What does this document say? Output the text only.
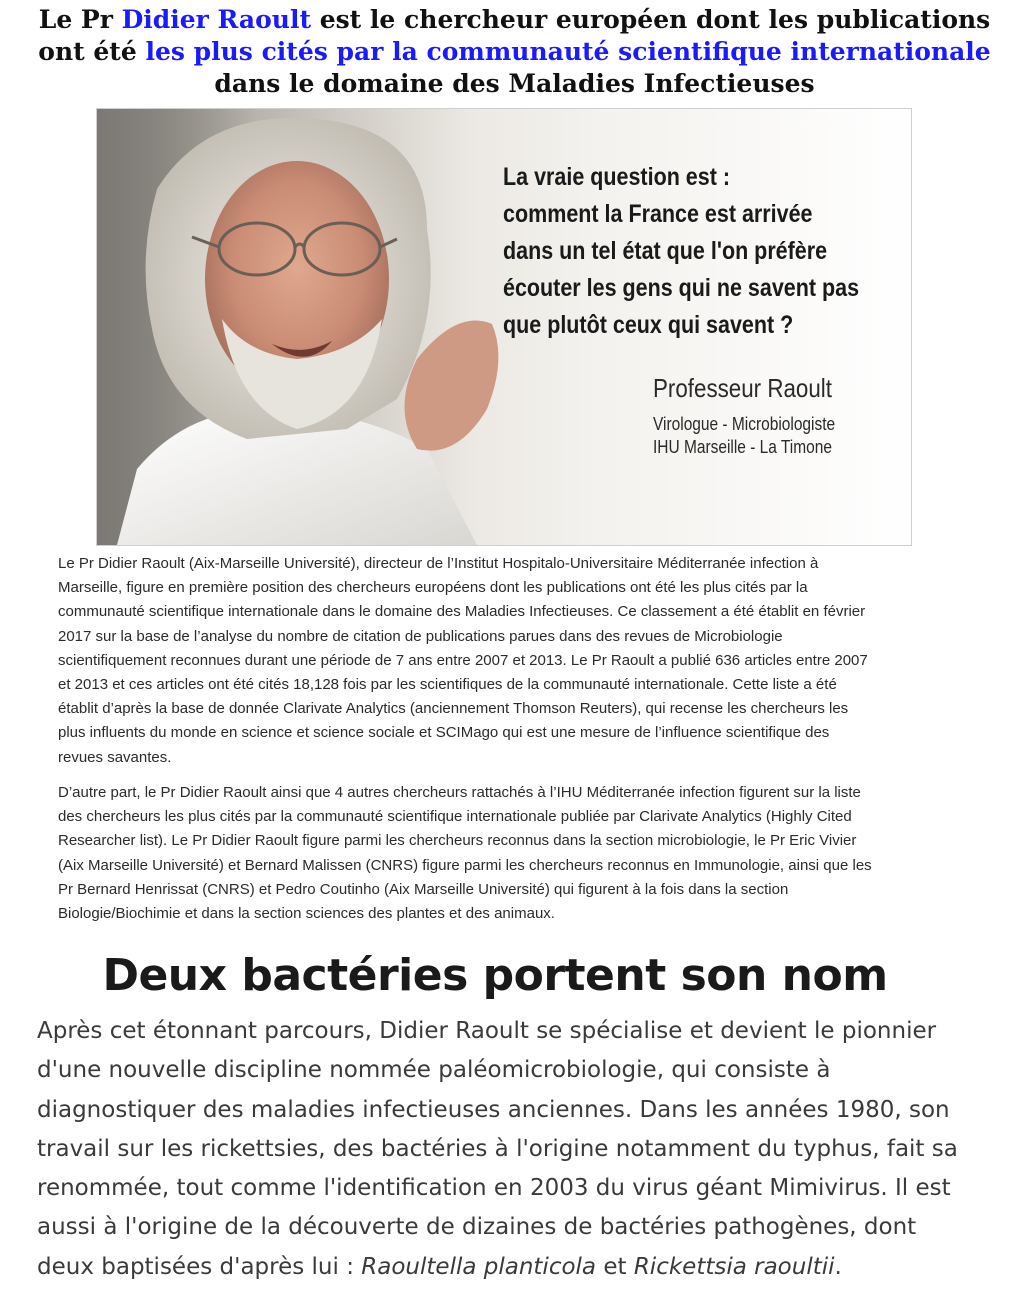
Le Pr Didier Raoult est le chercheur européen dont les publications
ont été les plus cités par la communauté scientifique internationale
dans le domaine des Maladies Infectieuses
La vraie question est :
comment la France est arrivée
dans un tel état que l'on préfère
écouter les gens qui ne savent pas
que plutôt ceux qui savent ?
Professeur Raoult
Virologue - Microbiologiste
IHU Marseille - La Timone
Le Pr Didier Raoult (Aix-Marseille Université), directeur de l’Institut Hospitalo-Universitaire Méditerranée infection à
Marseille, figure en première position des chercheurs européens dont les publications ont été les plus cités par la
communauté scientifique internationale dans le domaine des Maladies Infectieuses. Ce classement a été établit en février
2017 sur la base de l’analyse du nombre de citation de publications parues dans des revues de Microbiologie
scientifiquement reconnues durant une période de 7 ans entre 2007 et 2013. Le Pr Raoult a publié 636 articles entre 2007
et 2013 et ces articles ont été cités 18,128 fois par les scientifiques de la communauté internationale. Cette liste a été
établit d’après la base de donnée Clarivate Analytics (anciennement Thomson Reuters), qui recense les chercheurs les
plus influents du monde en science et science sociale et SCIMago qui est une mesure de l’influence scientifique des
revues savantes.
D’autre part, le Pr Didier Raoult ainsi que 4 autres chercheurs rattachés à l’IHU Méditerranée infection figurent sur la liste
des chercheurs les plus cités par la communauté scientifique internationale publiée par Clarivate Analytics (Highly Cited
Researcher list). Le Pr Didier Raoult figure parmi les chercheurs reconnus dans la section microbiologie, le Pr Eric Vivier
(Aix Marseille Université) et Bernard Malissen (CNRS) figure parmi les chercheurs reconnus en Immunologie, ainsi que les
Pr Bernard Henrissat (CNRS) et Pedro Coutinho (Aix Marseille Université) qui figurent à la fois dans la section
Biologie/Biochimie et dans la section sciences des plantes et des animaux.
Deux bactéries portent son nom
Après cet étonnant parcours, Didier Raoult se spécialise et devient le pionnier
d'une nouvelle discipline nommée paléomicrobiologie, qui consiste à
diagnostiquer des maladies infectieuses anciennes. Dans les années 1980, son
travail sur les rickettsies, des bactéries à l'origine notamment du typhus, fait sa
renommée, tout comme l'identification en 2003 du virus géant Mimivirus. Il est
aussi à l'origine de la découverte de dizaines de bactéries pathogènes, dont
deux baptisées d'après lui : Raoultella planticola et Rickettsia raoultii.
